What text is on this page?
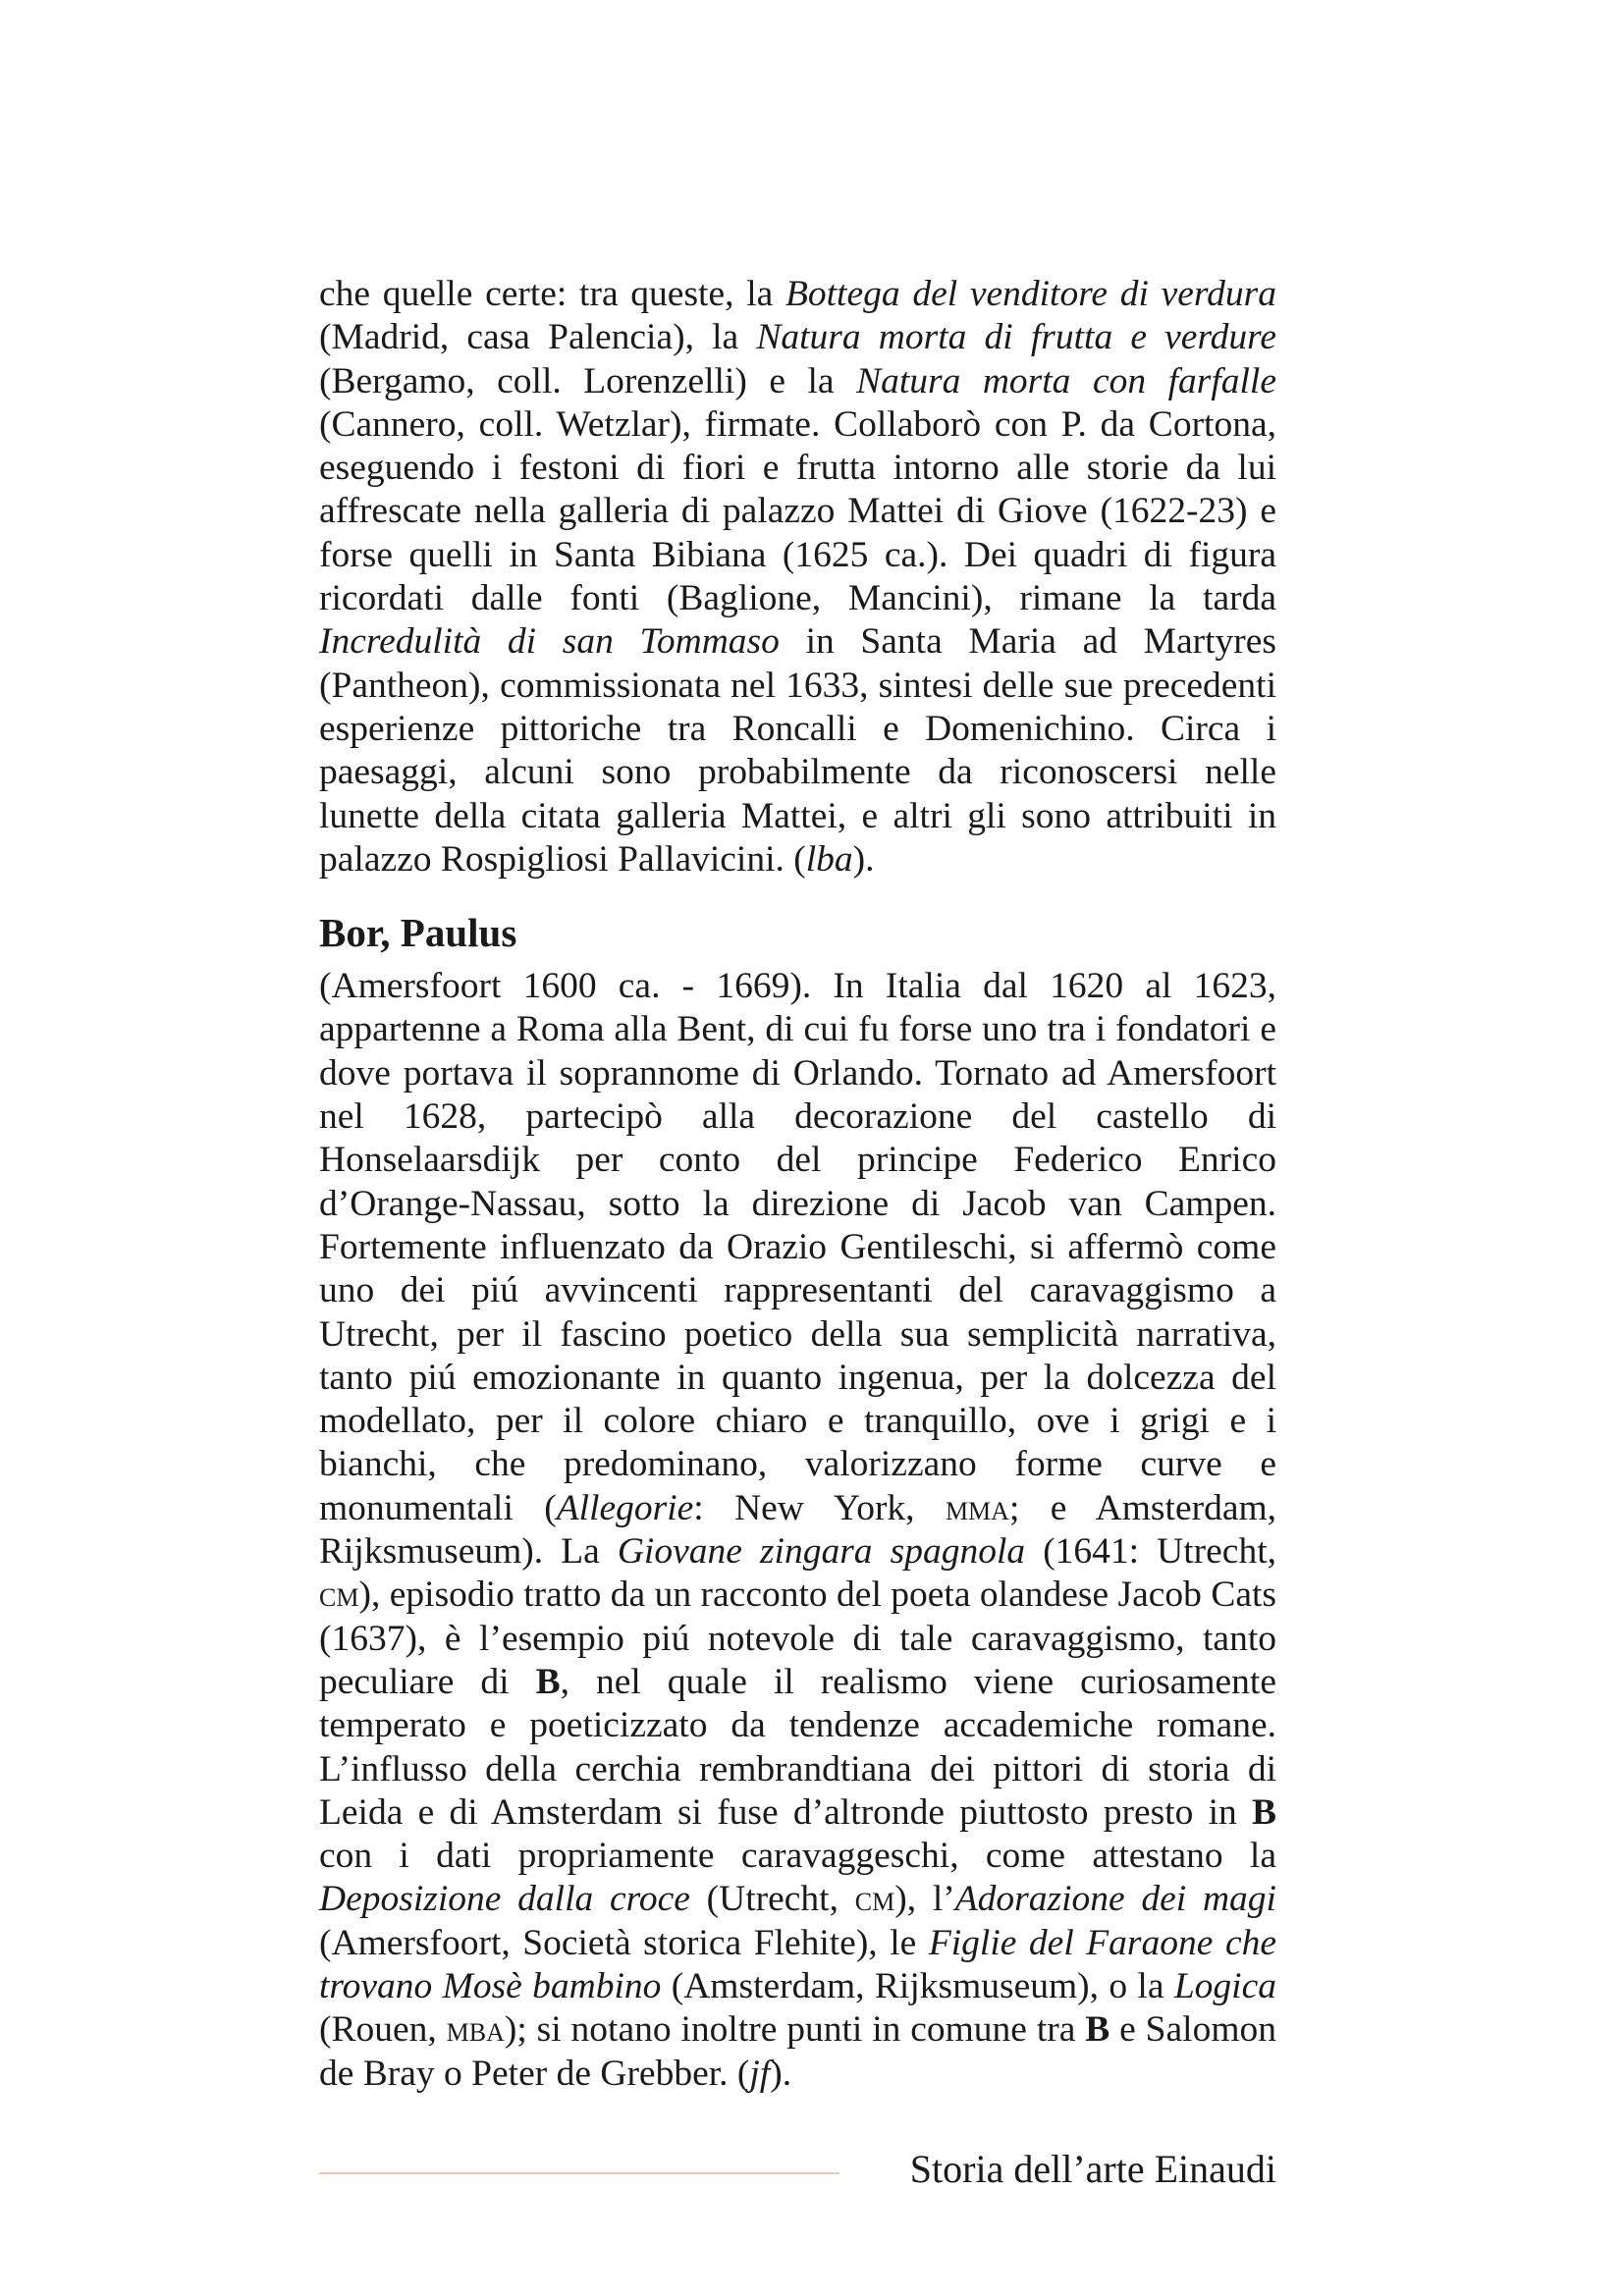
che quelle certe: tra queste, la Bottega del venditore di verdura (Madrid, casa Palencia), la Natura morta di frutta e verdure (Bergamo, coll. Lorenzelli) e la Natura morta con farfalle (Cannero, coll. Wetzlar), firmate. Collaborò con P. da Cortona, eseguendo i festoni di fiori e frutta intorno alle storie da lui affrescate nella galleria di palazzo Mattei di Giove (1622-23) e forse quelli in Santa Bibiana (1625 ca.). Dei quadri di figura ricordati dalle fonti (Baglione, Mancini), rimane la tarda Incredulità di san Tommaso in Santa Maria ad Martyres (Pantheon), commissionata nel 1633, sintesi delle sue precedenti esperienze pittoriche tra Roncalli e Domenichino. Circa i paesaggi, alcuni sono probabilmente da riconoscersi nelle lunette della citata galleria Mattei, e altri gli sono attribuiti in palazzo Rospigliosi Pallavicini. (lba).

Bor, Paulus

(Amersfoort 1600 ca. - 1669). In Italia dal 1620 al 1623, appartenne a Roma alla Bent, di cui fu forse uno tra i fondatori e dove portava il soprannome di Orlando. Tornato ad Amersfoort nel 1628, partecipò alla decorazione del castello di Honselaarsdijk per conto del principe Federico Enrico d’Orange-Nassau, sotto la direzione di Jacob van Campen. Fortemente influenzato da Orazio Gentileschi, si affermò come uno dei piú avvincenti rappresentanti del caravaggismo a Utrecht, per il fascino poetico della sua semplicità narrativa, tanto piú emozionante in quanto ingenua, per la dolcezza del modellato, per il colore chiaro e tranquillo, ove i grigi e i bianchi, che predominano, valorizzano forme curve e monumentali (Allegorie: New York, mma; e Amsterdam, Rijksmuseum). La Giovane zingara spagnola (1641: Utrecht, cm), episodio tratto da un racconto del poeta olandese Jacob Cats (1637), è l’esempio piú notevole di tale caravaggismo, tanto peculiare di B, nel quale il realismo viene curiosamente temperato e poeticizzato da tendenze accademiche romane. L’influsso della cerchia rembrandtiana dei pittori di storia di Leida e di Amsterdam si fuse d’altronde piuttosto presto in B con i dati propriamente caravaggeschi, come attestano la Deposizione dalla croce (Utrecht, cm), l’Adorazione dei magi (Amersfoort, Società storica Flehite), le Figlie del Faraone che trovano Mosè bambino (Amsterdam, Rijksmuseum), o la Logica (Rouen, mba); si notano inoltre punti in comune tra B e Salomon de Bray o Peter de Grebber. (jf).

Storia dell’arte Einaudi
